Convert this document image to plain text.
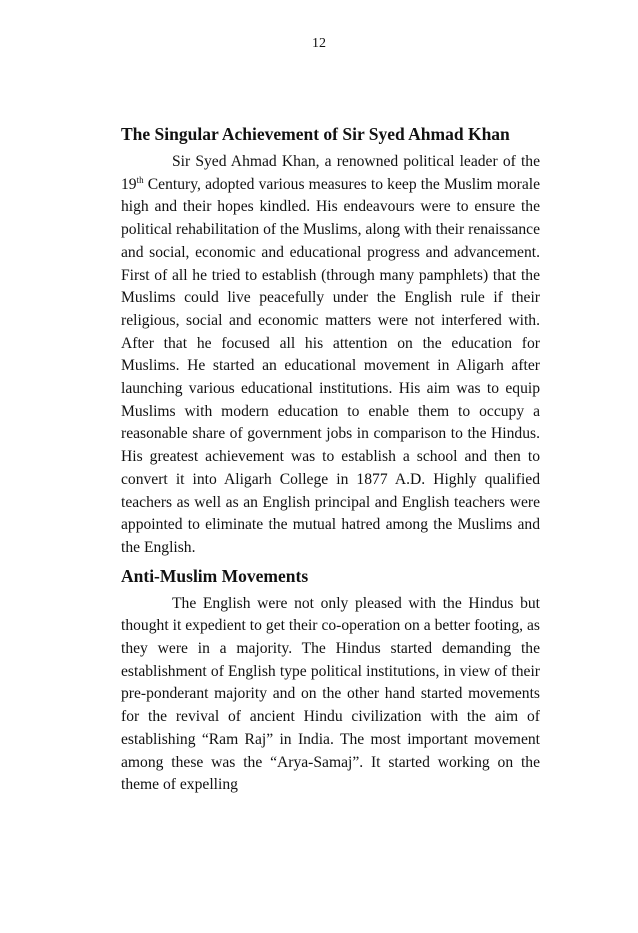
12
The Singular Achievement of Sir Syed Ahmad Khan

Sir Syed Ahmad Khan, a renowned political leader of the 19th Century, adopted various measures to keep the Muslim morale high and their hopes kindled. His endeavours were to ensure the political rehabilitation of the Muslims, along with their renaissance and social, economic and educational progress and advancement. First of all he tried to establish (through many pamphlets) that the Muslims could live peacefully under the English rule if their religious, social and economic matters were not interfered with. After that he focused all his attention on the education for Muslims. He started an educational movement in Aligarh after launching various educational institutions. His aim was to equip Muslims with modern education to enable them to occupy a reasonable share of government jobs in comparison to the Hindus. His greatest achievement was to establish a school and then to convert it into Aligarh College in 1877 A.D. Highly qualified teachers as well as an English principal and English teachers were appointed to eliminate the mutual hatred among the Muslims and the English.

Anti-Muslim Movements

The English were not only pleased with the Hindus but thought it expedient to get their co-operation on a better footing, as they were in a majority. The Hindus started demanding the establishment of English type political institutions, in view of their pre-ponderant majority and on the other hand started movements for the revival of ancient Hindu civilization with the aim of establishing “Ram Raj” in India. The most important movement among these was the “Arya-Samaj”. It started working on the theme of expelling
